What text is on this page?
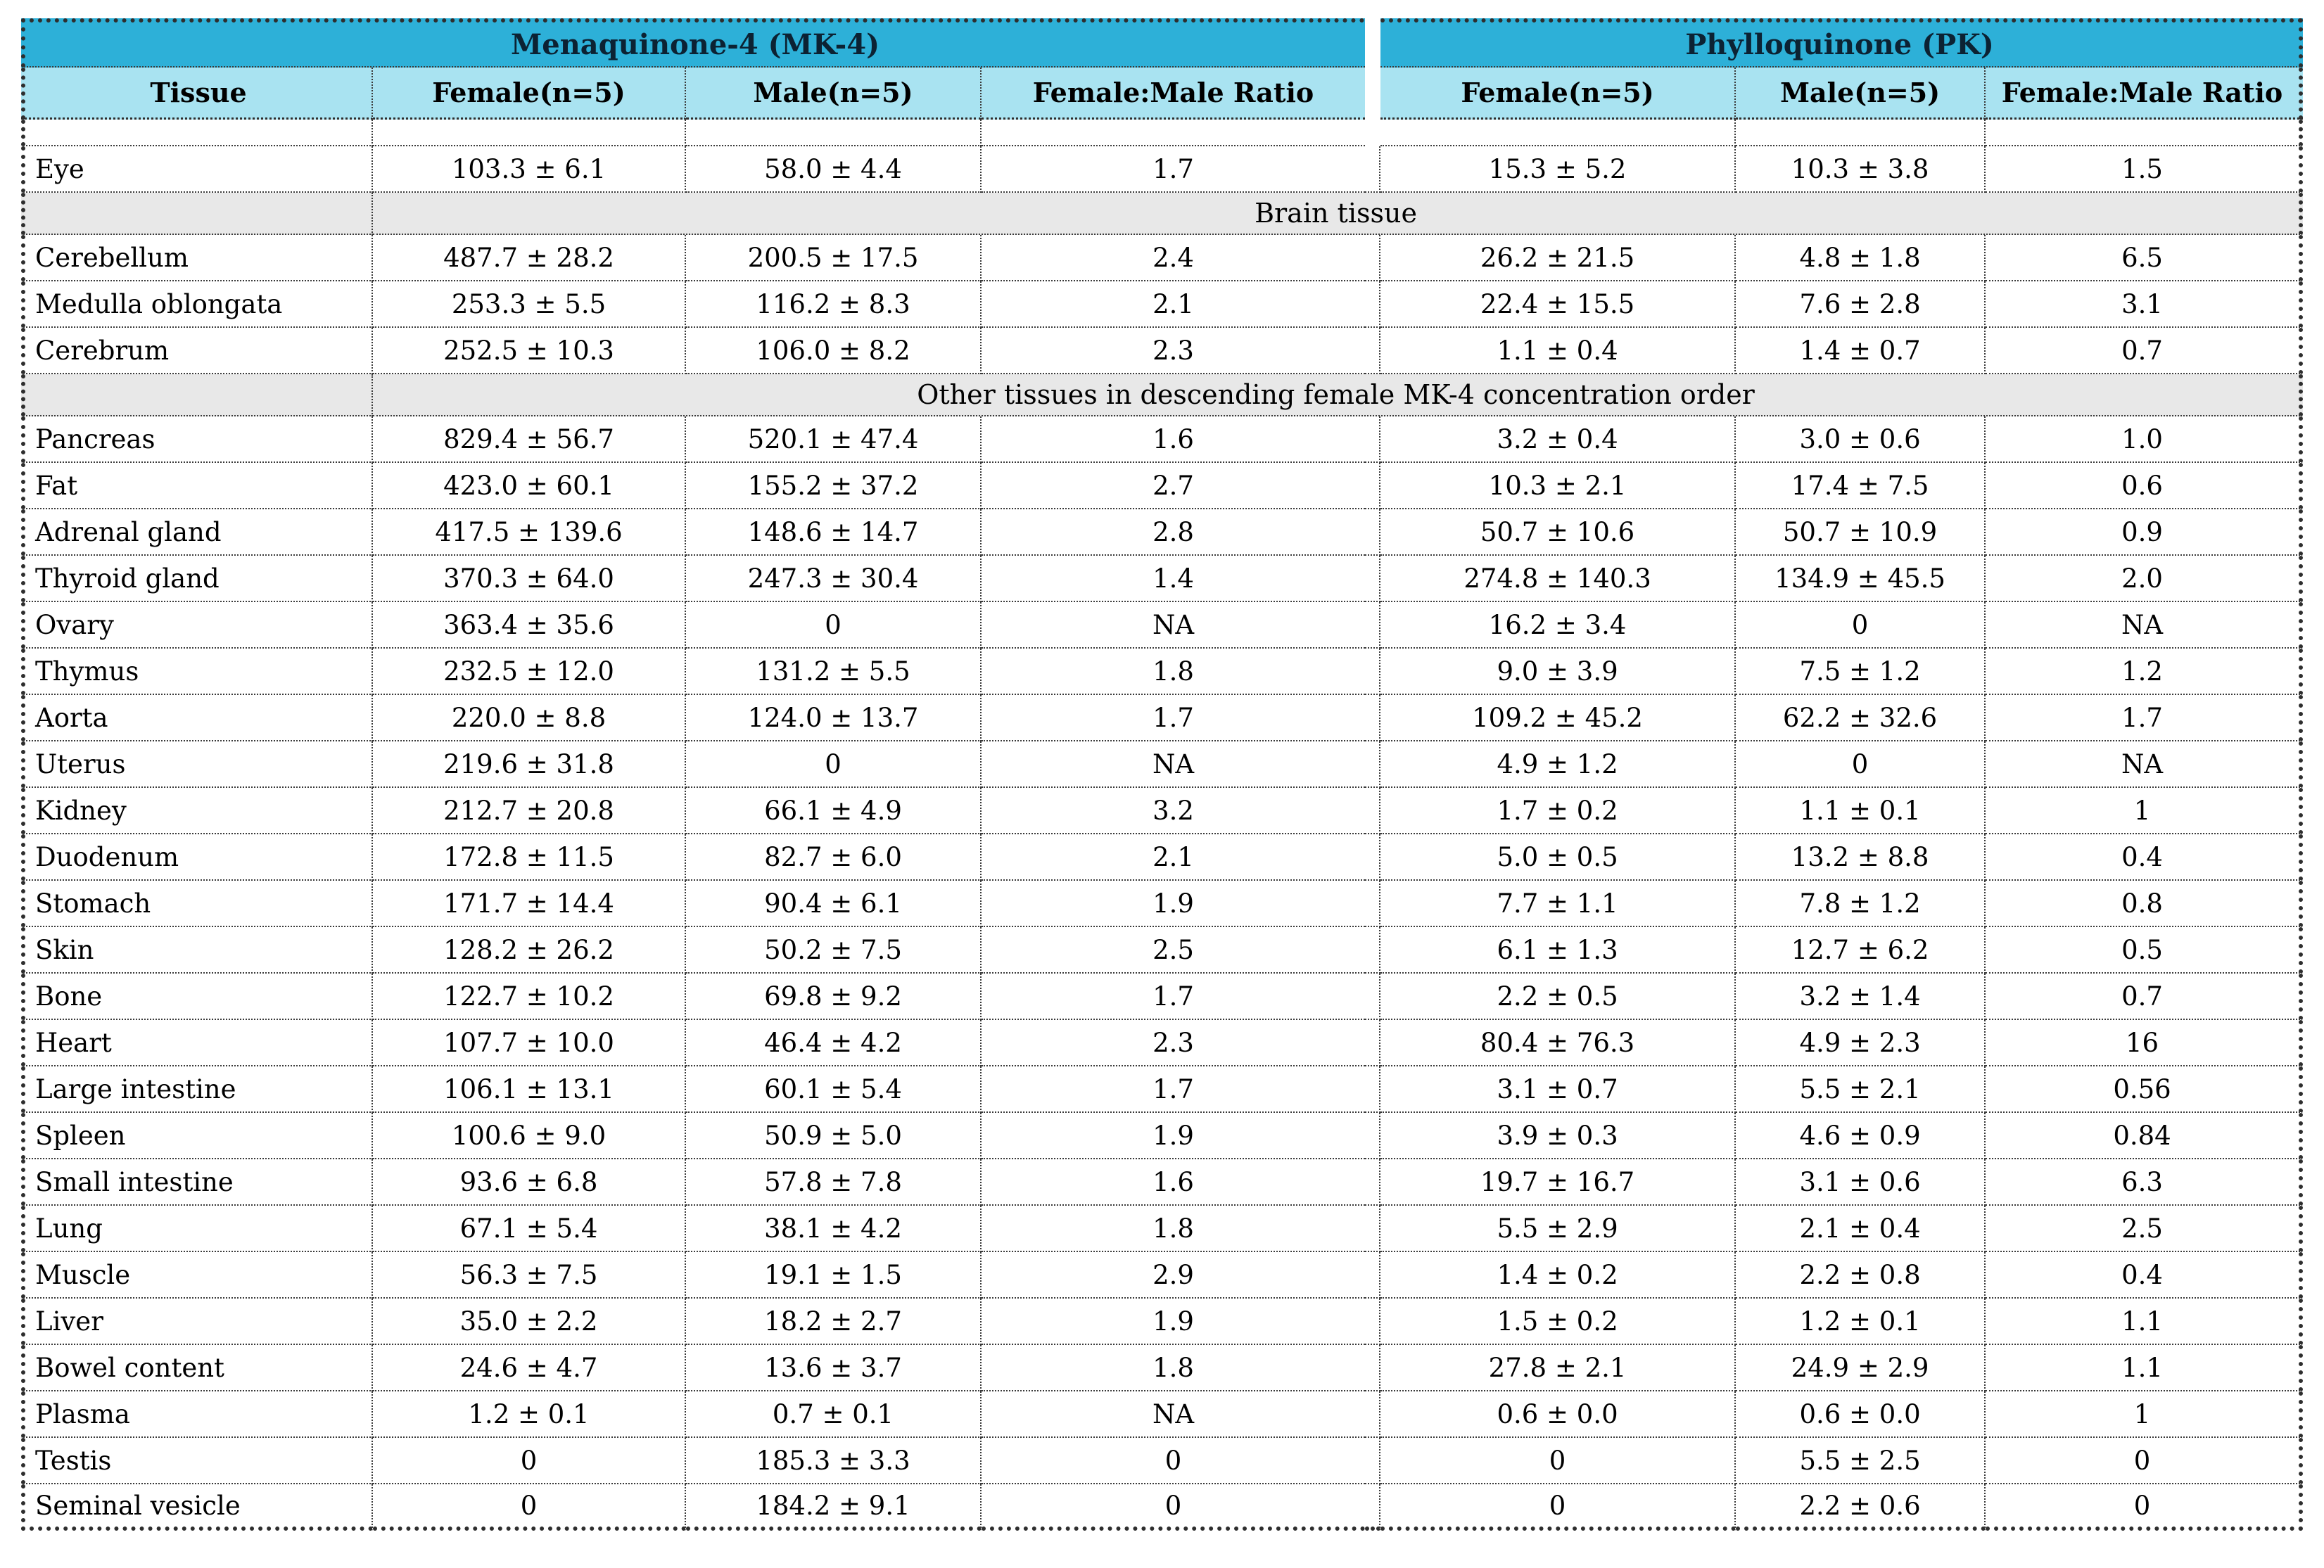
Menaquinone-4 (MK-4)					Phylloquinone (PK)		
Tissue	Female(n=5)	Male(n=5)	Female:Male Ratio		Female(n=5)	Male(n=5)	Female:Male Ratio

Eye	103.3 ± 6.1	58.0 ± 4.4	1.7		15.3 ± 5.2	10.3 ± 3.8	1.5
	Brain tissue						
Cerebellum	487.7 ± 28.2	200.5 ± 17.5	2.4		26.2 ± 21.5	4.8 ± 1.8	6.5
Medulla oblongata	253.3 ± 5.5	116.2 ± 8.3	2.1		22.4 ± 15.5	7.6 ± 2.8	3.1
Cerebrum	252.5 ± 10.3	106.0 ± 8.2	2.3		1.1 ± 0.4	1.4 ± 0.7	0.7
	Other tissues in descending female MK-4 concentration order						
Pancreas	829.4 ± 56.7	520.1 ± 47.4	1.6		3.2 ± 0.4	3.0 ± 0.6	1.0
Fat	423.0 ± 60.1	155.2 ± 37.2	2.7		10.3 ± 2.1	17.4 ± 7.5	0.6
Adrenal gland	417.5 ± 139.6	148.6 ± 14.7	2.8		50.7 ± 10.6	50.7 ± 10.9	0.9
Thyroid gland	370.3 ± 64.0	247.3 ± 30.4	1.4		274.8 ± 140.3	134.9 ± 45.5	2.0
Ovary	363.4 ± 35.6	0	NA		16.2 ± 3.4	0	NA
Thymus	232.5 ± 12.0	131.2 ± 5.5	1.8		9.0 ± 3.9	7.5 ± 1.2	1.2
Aorta	220.0 ± 8.8	124.0 ± 13.7	1.7		109.2 ± 45.2	62.2 ± 32.6	1.7
Uterus	219.6 ± 31.8	0	NA		4.9 ± 1.2	0	NA
Kidney	212.7 ± 20.8	66.1 ± 4.9	3.2		1.7 ± 0.2	1.1 ± 0.1	1
Duodenum	172.8 ± 11.5	82.7 ± 6.0	2.1		5.0 ± 0.5	13.2 ± 8.8	0.4
Stomach	171.7 ± 14.4	90.4 ± 6.1	1.9		7.7 ± 1.1	7.8 ± 1.2	0.8
Skin	128.2 ± 26.2	50.2 ± 7.5	2.5		6.1 ± 1.3	12.7 ± 6.2	0.5
Bone	122.7 ± 10.2	69.8 ± 9.2	1.7		2.2 ± 0.5	3.2 ± 1.4	0.7
Heart	107.7 ± 10.0	46.4 ± 4.2	2.3		80.4 ± 76.3	4.9 ± 2.3	16
Large intestine	106.1 ± 13.1	60.1 ± 5.4	1.7		3.1 ± 0.7	5.5 ± 2.1	0.56
Spleen	100.6 ± 9.0	50.9 ± 5.0	1.9		3.9 ± 0.3	4.6 ± 0.9	0.84
Small intestine	93.6 ± 6.8	57.8 ± 7.8	1.6		19.7 ± 16.7	3.1 ± 0.6	6.3
Lung	67.1 ± 5.4	38.1 ± 4.2	1.8		5.5 ± 2.9	2.1 ± 0.4	2.5
Muscle	56.3 ± 7.5	19.1 ± 1.5	2.9		1.4 ± 0.2	2.2 ± 0.8	0.4
Liver	35.0 ± 2.2	18.2 ± 2.7	1.9		1.5 ± 0.2	1.2 ± 0.1	1.1
Bowel content	24.6 ± 4.7	13.6 ± 3.7	1.8		27.8 ± 2.1	24.9 ± 2.9	1.1
Plasma	1.2 ± 0.1	0.7 ± 0.1	NA		0.6 ± 0.0	0.6 ± 0.0	1
Testis	0	185.3 ± 3.3	0		0	5.5 ± 2.5	0
Seminal vesicle	0	184.2 ± 9.1	0		0	2.2 ± 0.6	0
